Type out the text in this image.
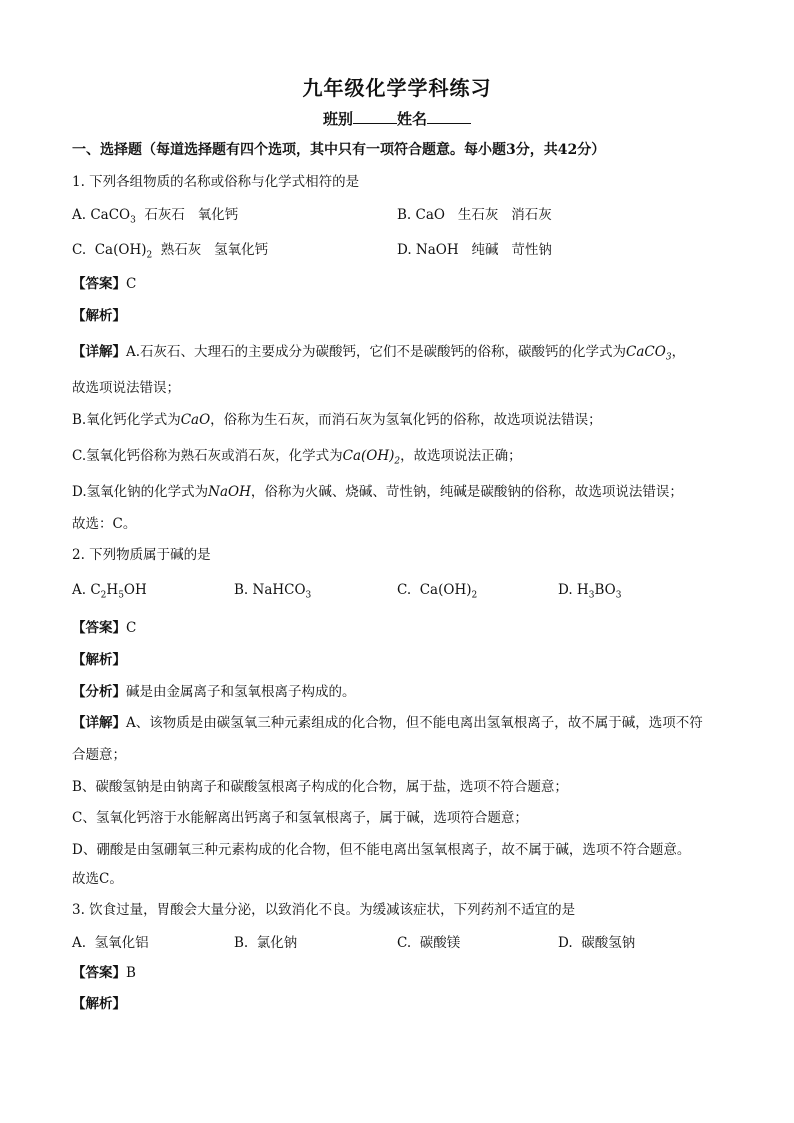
九年级化学学科练习
班别	姓名
一、选择题（每道选择题有四个选项，其中只有一项符合题意。每小题3分，共42分）
1. 下列各组物质的名称或俗称与化学式相符的是
A. CaCO$_3$  石灰石   氧化钙	B. CaO   生石灰   消石灰
C.  $Ca(OH)_2$  熟石灰   氢氧化钙	D. NaOH   纯碱   苛性钠
【答案】C
【解析】
【详解】A.石灰石、大理石的主要成分为碳酸钙，它们不是碳酸钙的俗称，碳酸钙的化学式为CaCO$_3$，
故选项说法错误；
B.氧化钙化学式为CaO，俗称为生石灰，而消石灰为氢氧化钙的俗称，故选项说法错误；
C.氢氧化钙俗称为熟石灰或消石灰，化学式为$Ca(OH)_2$，故选项说法正确；
D.氢氧化钠的化学式为NaOH，俗称为火碱、烧碱、苛性钠，纯碱是碳酸钠的俗称，故选项说法错误；
故选：C。
2. 下列物质属于碱的是
A. $C_2H_5OH$	B. NaHCO$_3$	C.  $Ca(OH)_2$	D. $H_3BO_3$
【答案】C
【解析】
【分析】碱是由金属离子和氢氧根离子构成的。
【详解】A、该物质是由碳氢氧三种元素组成的化合物，但不能电离出氢氧根离子，故不属于碱，选项不符
合题意；
B、碳酸氢钠是由钠离子和碳酸氢根离子构成的化合物，属于盐，选项不符合题意；
C、氢氧化钙溶于水能解离出钙离子和氢氧根离子，属于碱，选项符合题意；
D、硼酸是由氢硼氧三种元素构成的化合物，但不能电离出氢氧根离子，故不属于碱，选项不符合题意。
故选C。
3. 饮食过量，胃酸会大量分泌，以致消化不良。为缓减该症状，下列药剂不适宜的是
A.  氢氧化铝	B.  氯化钠	C.  碳酸镁	D.  碳酸氢钠
【答案】B
【解析】
